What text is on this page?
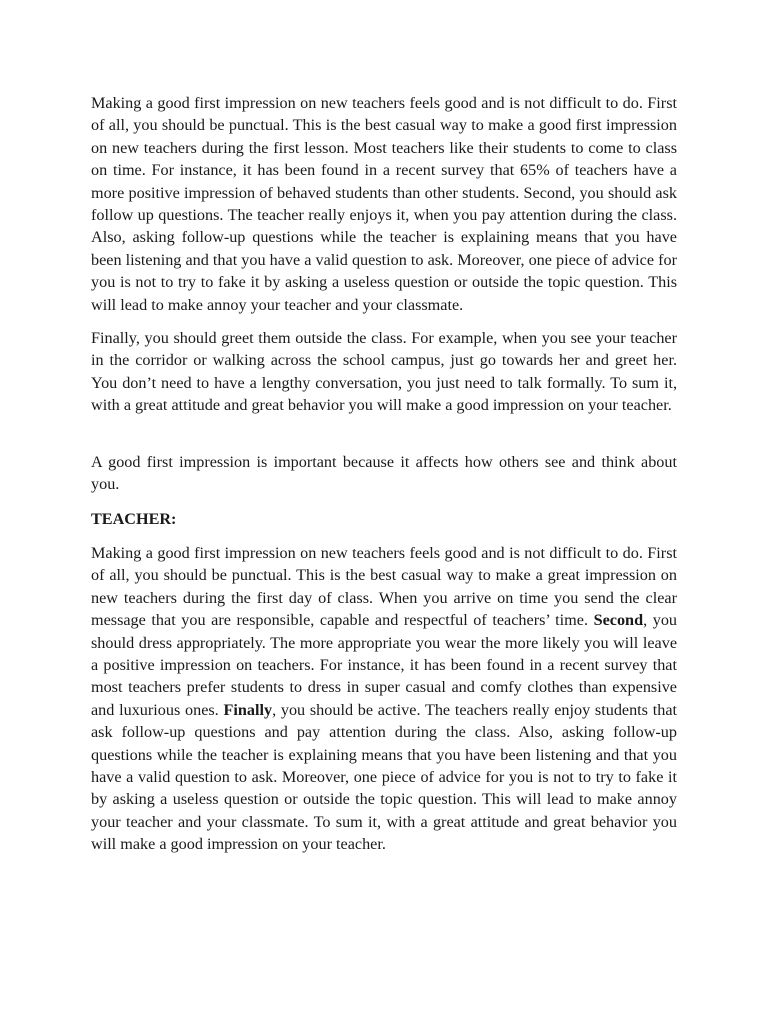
Making a good first impression on new teachers feels good and is not difficult to do. First of all, you should be punctual. This is the best casual way to make a good first impression on new teachers during the first lesson. Most teachers like their students to come to class on time. For instance, it has been found in a recent survey that 65% of teachers have a more positive impression of behaved students than other students. Second, you should ask follow up questions. The teacher really enjoys it, when you pay attention during the class. Also, asking follow-up questions while the teacher is explaining means that you have been listening and that you have a valid question to ask. Moreover, one piece of advice for you is not to try to fake it by asking a useless question or outside the topic question. This will lead to make annoy your teacher and your classmate.

Finally, you should greet them outside the class. For example, when you see your teacher in the corridor or walking across the school campus, just go towards her and greet her. You don’t need to have a lengthy conversation, you just need to talk formally. To sum it, with a great attitude and great behavior you will make a good impression on your teacher.

A good first impression is important because it affects how others see and think about you.

TEACHER:

Making a good first impression on new teachers feels good and is not difficult to do. First of all, you should be punctual. This is the best casual way to make a great impression on new teachers during the first day of class. When you arrive on time you send the clear message that you are responsible, capable and respectful of teachers’ time. Second, you should dress appropriately. The more appropriate you wear the more likely you will leave a positive impression on teachers. For instance, it has been found in a recent survey that most teachers prefer students to dress in super casual and comfy clothes than expensive and luxurious ones. Finally, you should be active. The teachers really enjoy students that ask follow-up questions and pay attention during the class. Also, asking follow-up questions while the teacher is explaining means that you have been listening and that you have a valid question to ask. Moreover, one piece of advice for you is not to try to fake it by asking a useless question or outside the topic question. This will lead to make annoy your teacher and your classmate. To sum it, with a great attitude and great behavior you will make a good impression on your teacher.
